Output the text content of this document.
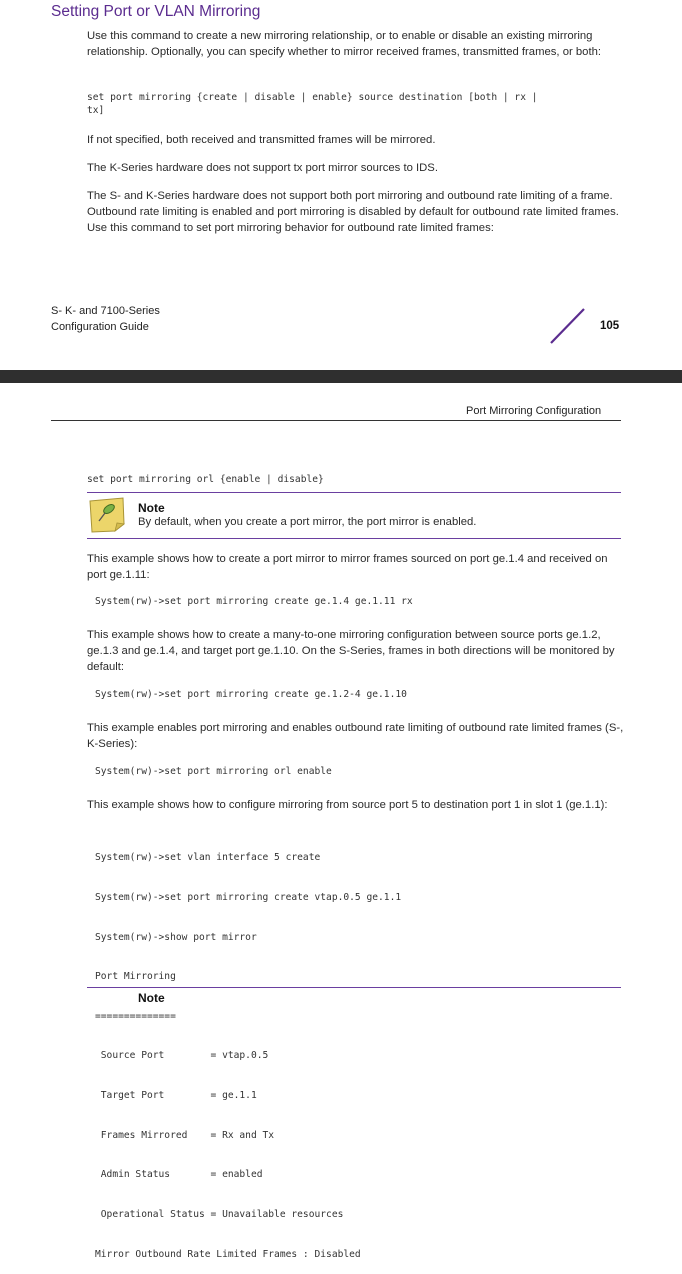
Setting Port or VLAN Mirroring

Use this command to create a new mirroring relationship, or to enable or disable an existing mirroring relationship. Optionally, you can specify whether to mirror received frames, transmitted frames, or both:

set port mirroring {create | disable | enable} source destination [both | rx |
tx]

If not specified, both received and transmitted frames will be mirrored.

The K-Series hardware does not support tx port mirror sources to IDS.

The S- and K-Series hardware does not support both port mirroring and outbound rate limiting of a frame. Outbound rate limiting is enabled and port mirroring is disabled by default for outbound rate limited frames. Use this command to set port mirroring behavior for outbound rate limited frames:

S- K- and 7100-Series
Configuration Guide	105
Port Mirroring Configuration
set port mirroring orl {enable | disable}
Note
By default, when you create a port mirror, the port mirror is enabled.

This example shows how to create a port mirror to mirror frames sourced on port ge.1.4 and received on port ge.1.11:

System(rw)->set port mirroring create ge.1.4 ge.1.11 rx

This example shows how to create a many-to-one mirroring configuration between source ports ge.1.2, ge.1.3 and ge.1.4, and target port ge.1.10. On the S-Series, frames in both directions will be monitored by default:

System(rw)->set port mirroring create ge.1.2-4 ge.1.10

This example enables port mirroring and enables outbound rate limiting of outbound rate limited frames (S-, K-Series):

System(rw)->set port mirroring orl enable

This example shows how to configure mirroring from source port 5 to destination port 1 in slot 1 (ge.1.1):

System(rw)->set vlan interface 5 create

System(rw)->set port mirroring create vtap.0.5 ge.1.1

System(rw)->show port mirror

Port Mirroring

==============

Source Port        = vtap.0.5

Target Port        = ge.1.1

Frames Mirrored    = Rx and Tx

Admin Status       = enabled

Operational Status = Unavailable resources

Mirror Outbound Rate Limited Frames : Disabled

Note
